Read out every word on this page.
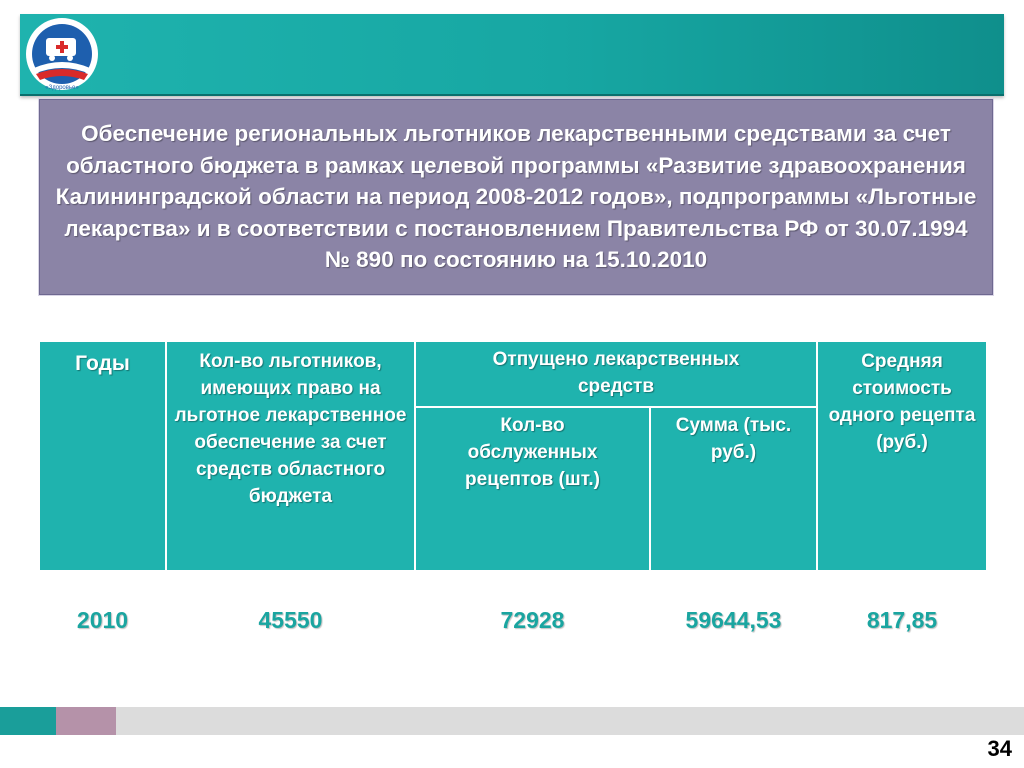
«Здоровье»

Обеспечение региональных льготников лекарственными средствами за счет областного бюджета в рамках целевой программы «Развитие здравоохранения Калининградской области на период 2008-2012 годов», подпрограммы «Льготные лекарства» и в соответствии с постановлением Правительства РФ от 30.07.1994 № 890 по состоянию на 15.10.2010

Годы	Кол-во льготников, имеющих право на льготное лекарственное обеспечение за счет средств областного бюджета	Отпущено лекарственных средств		Средняя стоимость одного рецепта (руб.)

		Кол-во обслуженных рецептов (шт.)	Сумма (тыс. руб.)	

2010	45550	72928	59644,53	817,85
34
